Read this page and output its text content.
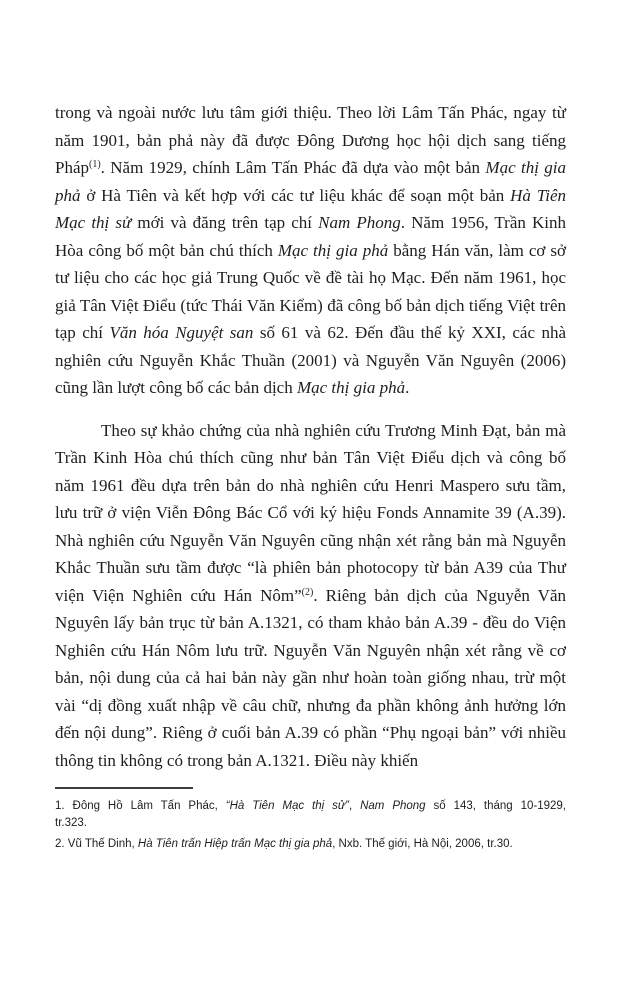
trong và ngoài nước lưu tâm giới thiệu. Theo lời Lâm Tấn Phác, ngay từ năm 1901, bản phả này đã được Đông Dương học hội dịch sang tiếng Pháp$^{(1)}$. Năm 1929, chính Lâm Tấn Phác đã dựa vào một bản Mạc thị gia phả ở Hà Tiên và kết hợp với các tư liệu khác để soạn một bản Hà Tiên Mạc thị sử mới và đăng trên tạp chí Nam Phong. Năm 1956, Trần Kinh Hòa công bố một bản chú thích Mạc thị gia phả bằng Hán văn, làm cơ sở tư liệu cho các học giả Trung Quốc về đề tài họ Mạc. Đến năm 1961, học giả Tân Việt Điểu (tức Thái Văn Kiểm) đã công bố bản dịch tiếng Việt trên tạp chí Văn hóa Nguyệt san số 61 và 62. Đến đầu thế kỷ XXI, các nhà nghiên cứu Nguyễn Khắc Thuần (2001) và Nguyễn Văn Nguyên (2006) cũng lần lượt công bố các bản dịch Mạc thị gia phả.

Theo sự khảo chứng của nhà nghiên cứu Trương Minh Đạt, bản mà Trần Kinh Hòa chú thích cũng như bản Tân Việt Điểu dịch và công bố năm 1961 đều dựa trên bản do nhà nghiên cứu Henri Maspero sưu tầm, lưu trữ ở viện Viễn Đông Bác Cổ với ký hiệu Fonds Annamite 39 (A.39). Nhà nghiên cứu Nguyễn Văn Nguyên cũng nhận xét rằng bản mà Nguyễn Khắc Thuần sưu tầm được “là phiên bản photocopy từ bản A39 của Thư viện Viện Nghiên cứu Hán Nôm”$^{(2)}$. Riêng bản dịch của Nguyễn Văn Nguyên lấy bản trục từ bản A.1321, có tham khảo bản A.39 - đều do Viện Nghiên cứu Hán Nôm lưu trữ. Nguyễn Văn Nguyên nhận xét rằng về cơ bản, nội dung của cả hai bản này gần như hoàn toàn giống nhau, trừ một vài “dị đồng xuất nhập về câu chữ, nhưng đa phần không ảnh hưởng lớn đến nội dung”. Riêng ở cuối bản A.39 có phần “Phụ ngoại bản” với nhiều thông tin không có trong bản A.1321. Điều này khiến

1. Đông Hồ Lâm Tấn Phác, “Hà Tiên Mạc thị sử”, Nam Phong số 143, tháng 10-1929,
tr.323.

2. Vũ Thế Dinh, Hà Tiên trấn Hiệp trấn Mạc thị gia phả, Nxb. Thế giới, Hà Nội, 2006, tr.30.
